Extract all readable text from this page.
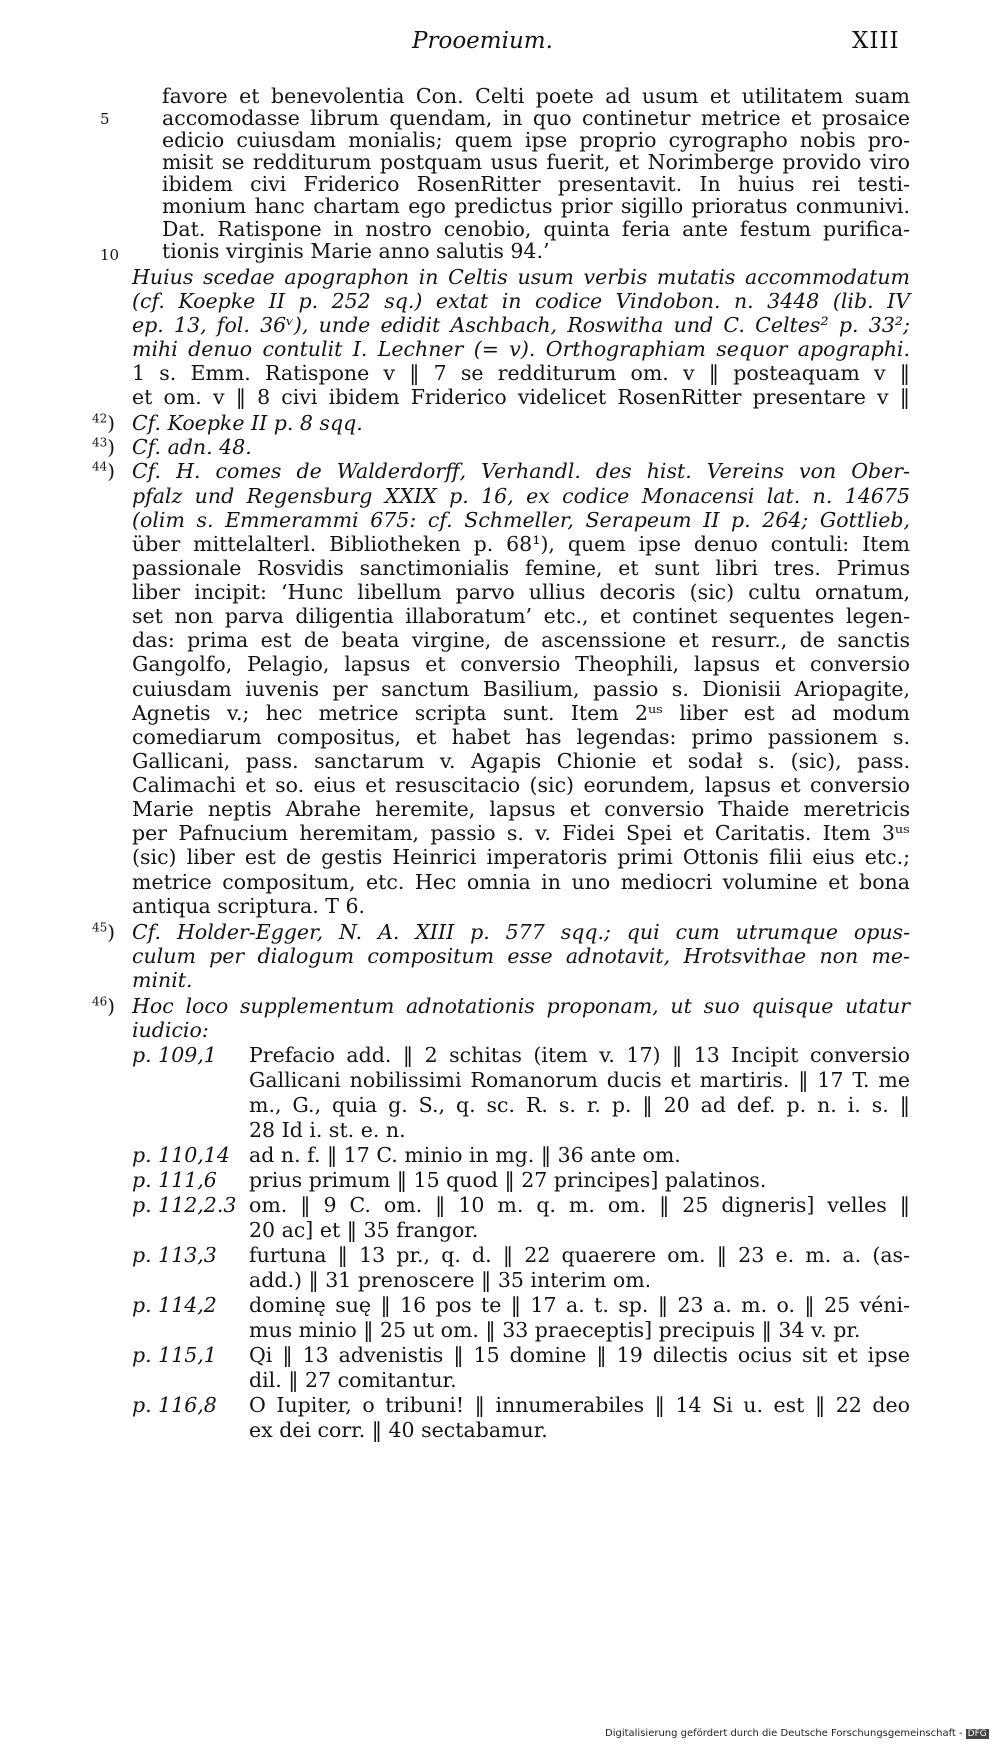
Prooemium.	XIII
favore et benevolentia Con. Celti poete ad usum et utilitatem suam
5	accomodasse librum quendam, in quo continetur metrice et prosaice
edicio cuiusdam monialis; quem ipse proprio cyrographo nobis pro-
misit se redditurum postquam usus fuerit, et Norimberge provido viro
ibidem civi Friderico RosenRitter presentavit. In huius rei testi-
monium hanc chartam ego predictus prior sigillo prioratus conmunivi.
10
Dat. Ratispone in nostro cenobio, quinta feria ante festum purifica-
tionis virginis Marie anno salutis 94.’
Huius scedae apographon in Celtis usum verbis mutatis accommodatum
(cf. Koepke II p. 252 sq.) extat in codice Vindobon. n. 3448 (lib. IV
ep. 13, fol. 36ᵛ), unde edidit Aschbach, Roswitha und C. Celtes² p. 33²;
mihi denuo contulit I. Lechner (= v). Orthographiam sequor apographi.
1 s. Emm. Ratispone v ‖ 7 se redditurum om. v ‖ posteaquam v ‖
et om. v ‖ 8 civi ibidem Friderico videlicet RosenRitter presentare v ‖
$^{42}$) Cf. Koepke II p. 8 sqq.
$^{43}$) Cf. adn. 48.
$^{44}$) Cf. H. comes de Walderdorff, Verhandl. des hist. Vereins von Ober-
pfalz und Regensburg XXIX p. 16, ex codice Monacensi lat. n. 14675
(olim s. Emmerammi 675: cf. Schmeller, Serapeum II p. 264; Gottlieb,
über mittelalterl. Bibliotheken p. 68¹), quem ipse denuo contuli: Item
passionale Rosvidis sanctimonialis femine, et sunt libri tres. Primus
liber incipit: ‘Hunc libellum parvo ullius decoris (sic) cultu ornatum,
set non parva diligentia illaboratum’ etc., et continet sequentes legen-
das: prima est de beata virgine, de ascenssione et resurr., de sanctis
Gangolfo, Pelagio, lapsus et conversio Theophili, lapsus et conversio
cuiusdam iuvenis per sanctum Basilium, passio s. Dionisii Ariopagite,
Agnetis v.; hec metrice scripta sunt. Item 2ᵘˢ liber est ad modum
comediarum compositus, et habet has legendas: primo passionem s.
Gallicani, pass. sanctarum v. Agapis Chionie et sodał s. (sic), pass.
Calimachi et so. eius et resuscitacio (sic) eorundem, lapsus et conversio
Marie neptis Abrahe heremite, lapsus et conversio Thaide meretricis
per Pafnucium heremitam, passio s. v. Fidei Spei et Caritatis. Item 3ᵘˢ
(sic) liber est de gestis Heinrici imperatoris primi Ottonis filii eius etc.;
metrice compositum, etc. Hec omnia in uno mediocri volumine et bona
antiqua scriptura. T 6.
$^{45}$) Cf. Holder-Egger, N. A. XIII p. 577 sqq.; qui cum utrumque opus-
culum per dialogum compositum esse adnotavit, Hrotsvithae non me-
minit.
$^{46}$) Hoc loco supplementum adnotationis proponam, ut suo quisque utatur
iudicio:
p. 109,1	Prefacio add. ‖ 2 schitas (item v. 17) ‖ 13 Incipit conversio
Gallicani nobilissimi Romanorum ducis et martiris. ‖ 17 T. me
m., G., quia g. S., q. sc. R. s. r. p. ‖ 20 ad def. p. n. i. s. ‖
28 Id i. st. e. n.
p. 110,14 ad n. f. ‖ 17 C. minio in mg. ‖ 36 ante om.
p. 111,6	prius primum ‖ 15 quod ‖ 27 principes] palatinos.
p. 112,2.3 om. ‖ 9 C. om. ‖ 10 m. q. m. om. ‖ 25 digneris] velles ‖
20 ac] et ‖ 35 frangor.
p. 113,3	furtuna ‖ 13 pr., q. d. ‖ 22 quaerere om. ‖ 23 e. m. a. (as-
add.) ‖ 31 prenoscere ‖ 35 interim om.
p. 114,2	dominę suę ‖ 16 pos te ‖ 17 a. t. sp. ‖ 23 a. m. o. ‖ 25 vénі-
mus minio ‖ 25 ut om. ‖ 33 praeceptis] precipuis ‖ 34 v. pr.
p. 115,1	Qi ‖ 13 advenistis ‖ 15 domine ‖ 19 dilectis ocius sit et ipse
dil. ‖ 27 comitantur.
p. 116,8	O Iupiter, o tribuni! ‖ innumerabiles ‖ 14 Si u. est ‖ 22 deo
ex dei corr. ‖ 40 sectabamur.
Digitalisierung gefördert durch die Deutsche Forschungsgemeinschaft - DFG
